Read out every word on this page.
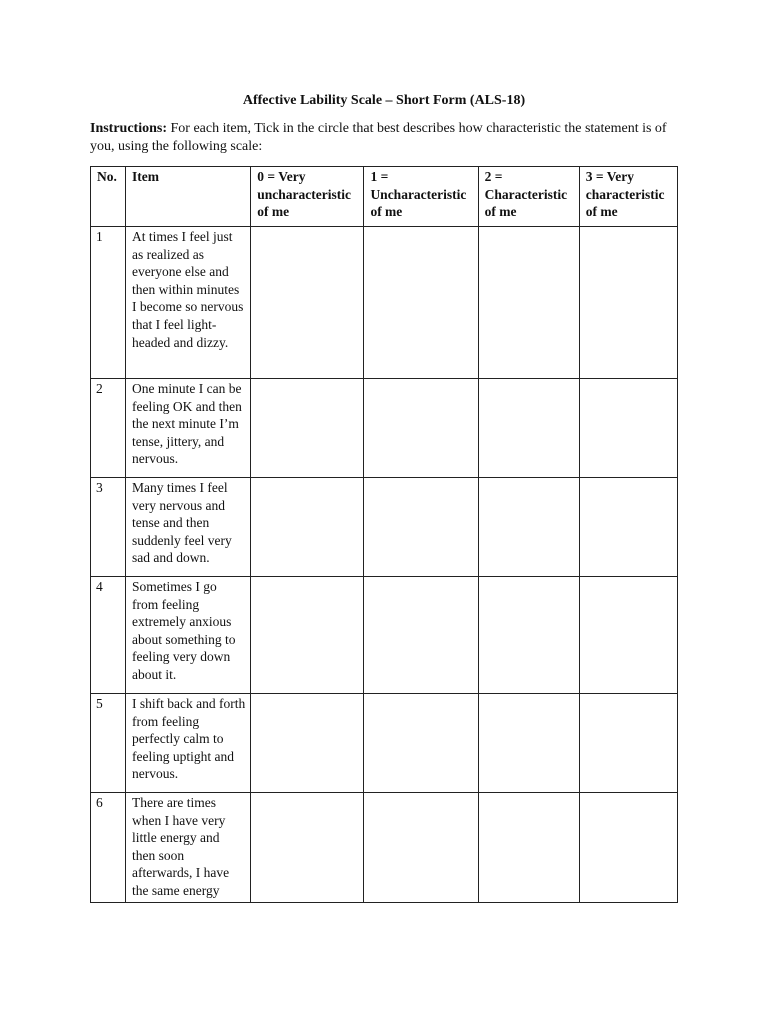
Affective Lability Scale – Short Form (ALS-18)
Instructions: For each item, Tick in the circle that best describes how characteristic the statement is of you, using the following scale:
No.	Item	0 = Very uncharacteristic of me	1 = Uncharacteristic of me	2 = Characteristic of me	3 = Very characteristic of me
1	At times I feel just as realized as everyone else and then within minutes I become so nervous that I feel light-headed and dizzy.				
2	One minute I can be feeling OK and then the next minute I’m tense, jittery, and nervous.				
3	Many times I feel very nervous and tense and then suddenly feel very sad and down.				
4	Sometimes I go from feeling extremely anxious about something to feeling very down about it.				
5	I shift back and forth from feeling perfectly calm to feeling uptight and nervous.				
6	There are times when I have very little energy and then soon afterwards, I have the same energy				
